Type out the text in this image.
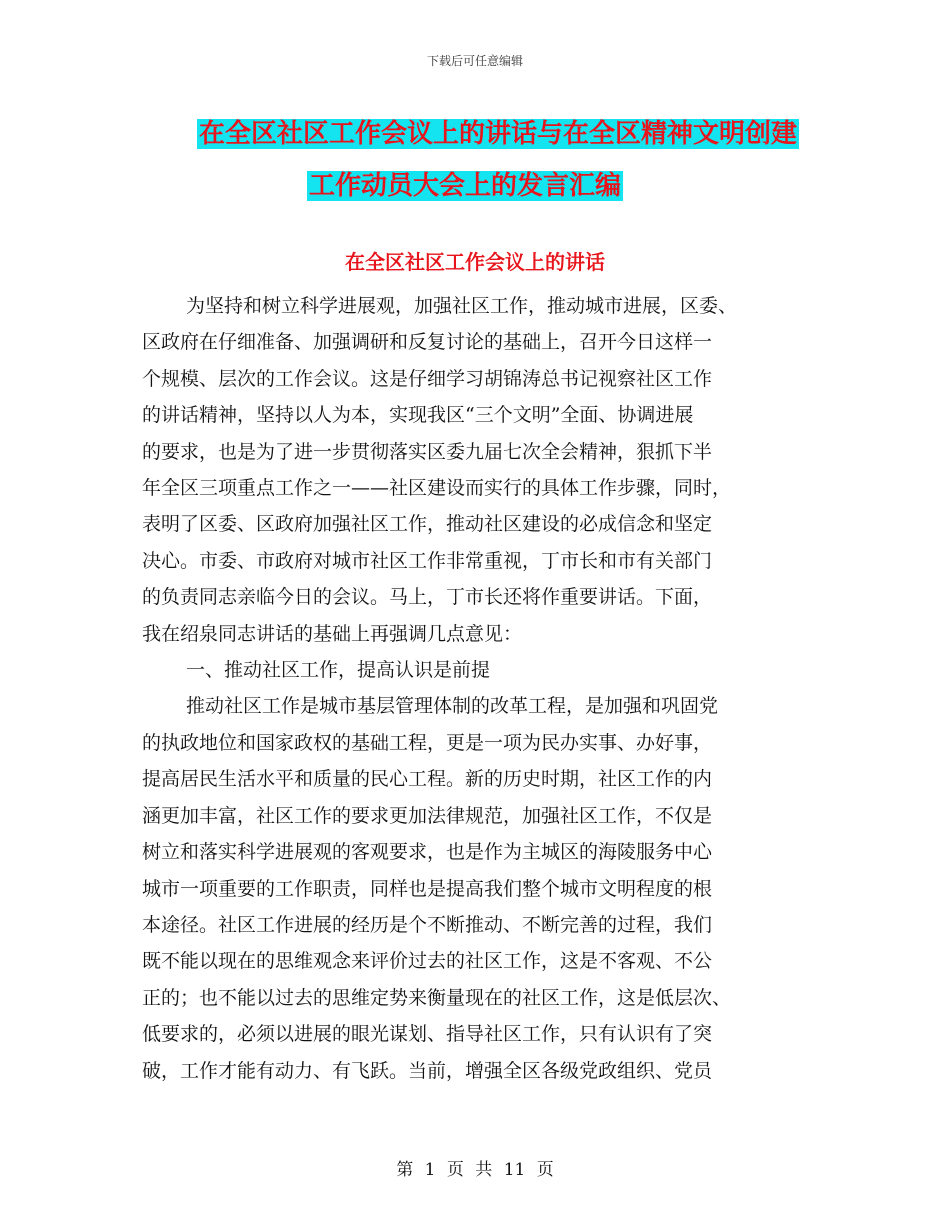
下载后可任意编辑
在全区社区工作会议上的讲话与在全区精神文明创建
工作动员大会上的发言汇编
在全区社区工作会议上的讲话
为坚持和树立科学进展观，加强社区工作，推动城市进展，区委、
区政府在仔细准备、加强调研和反复讨论的基础上，召开今日这样一
个规模、层次的工作会议。这是仔细学习胡锦涛总书记视察社区工作
的讲话精神，坚持以人为本，实现我区“三个文明”全面、协调进展
的要求，也是为了进一步贯彻落实区委九届七次全会精神，狠抓下半
年全区三项重点工作之一——社区建设而实行的具体工作步骤，同时，
表明了区委、区政府加强社区工作，推动社区建设的必成信念和坚定
决心。市委、市政府对城市社区工作非常重视，丁市长和市有关部门
的负责同志亲临今日的会议。马上，丁市长还将作重要讲话。下面，
我在绍泉同志讲话的基础上再强调几点意见：
一、推动社区工作，提高认识是前提
推动社区工作是城市基层管理体制的改革工程，是加强和巩固党
的执政地位和国家政权的基础工程，更是一项为民办实事、办好事，
提高居民生活水平和质量的民心工程。新的历史时期，社区工作的内
涵更加丰富，社区工作的要求更加法律规范，加强社区工作，不仅是
树立和落实科学进展观的客观要求，也是作为主城区的海陵服务中心
城市一项重要的工作职责，同样也是提高我们整个城市文明程度的根
本途径。社区工作进展的经历是个不断推动、不断完善的过程，我们
既不能以现在的思维观念来评价过去的社区工作，这是不客观、不公
正的；也不能以过去的思维定势来衡量现在的社区工作，这是低层次、
低要求的，必须以进展的眼光谋划、指导社区工作，只有认识有了突
破，工作才能有动力、有飞跃。当前，增强全区各级党政组织、党员
第 1 页 共 11 页
